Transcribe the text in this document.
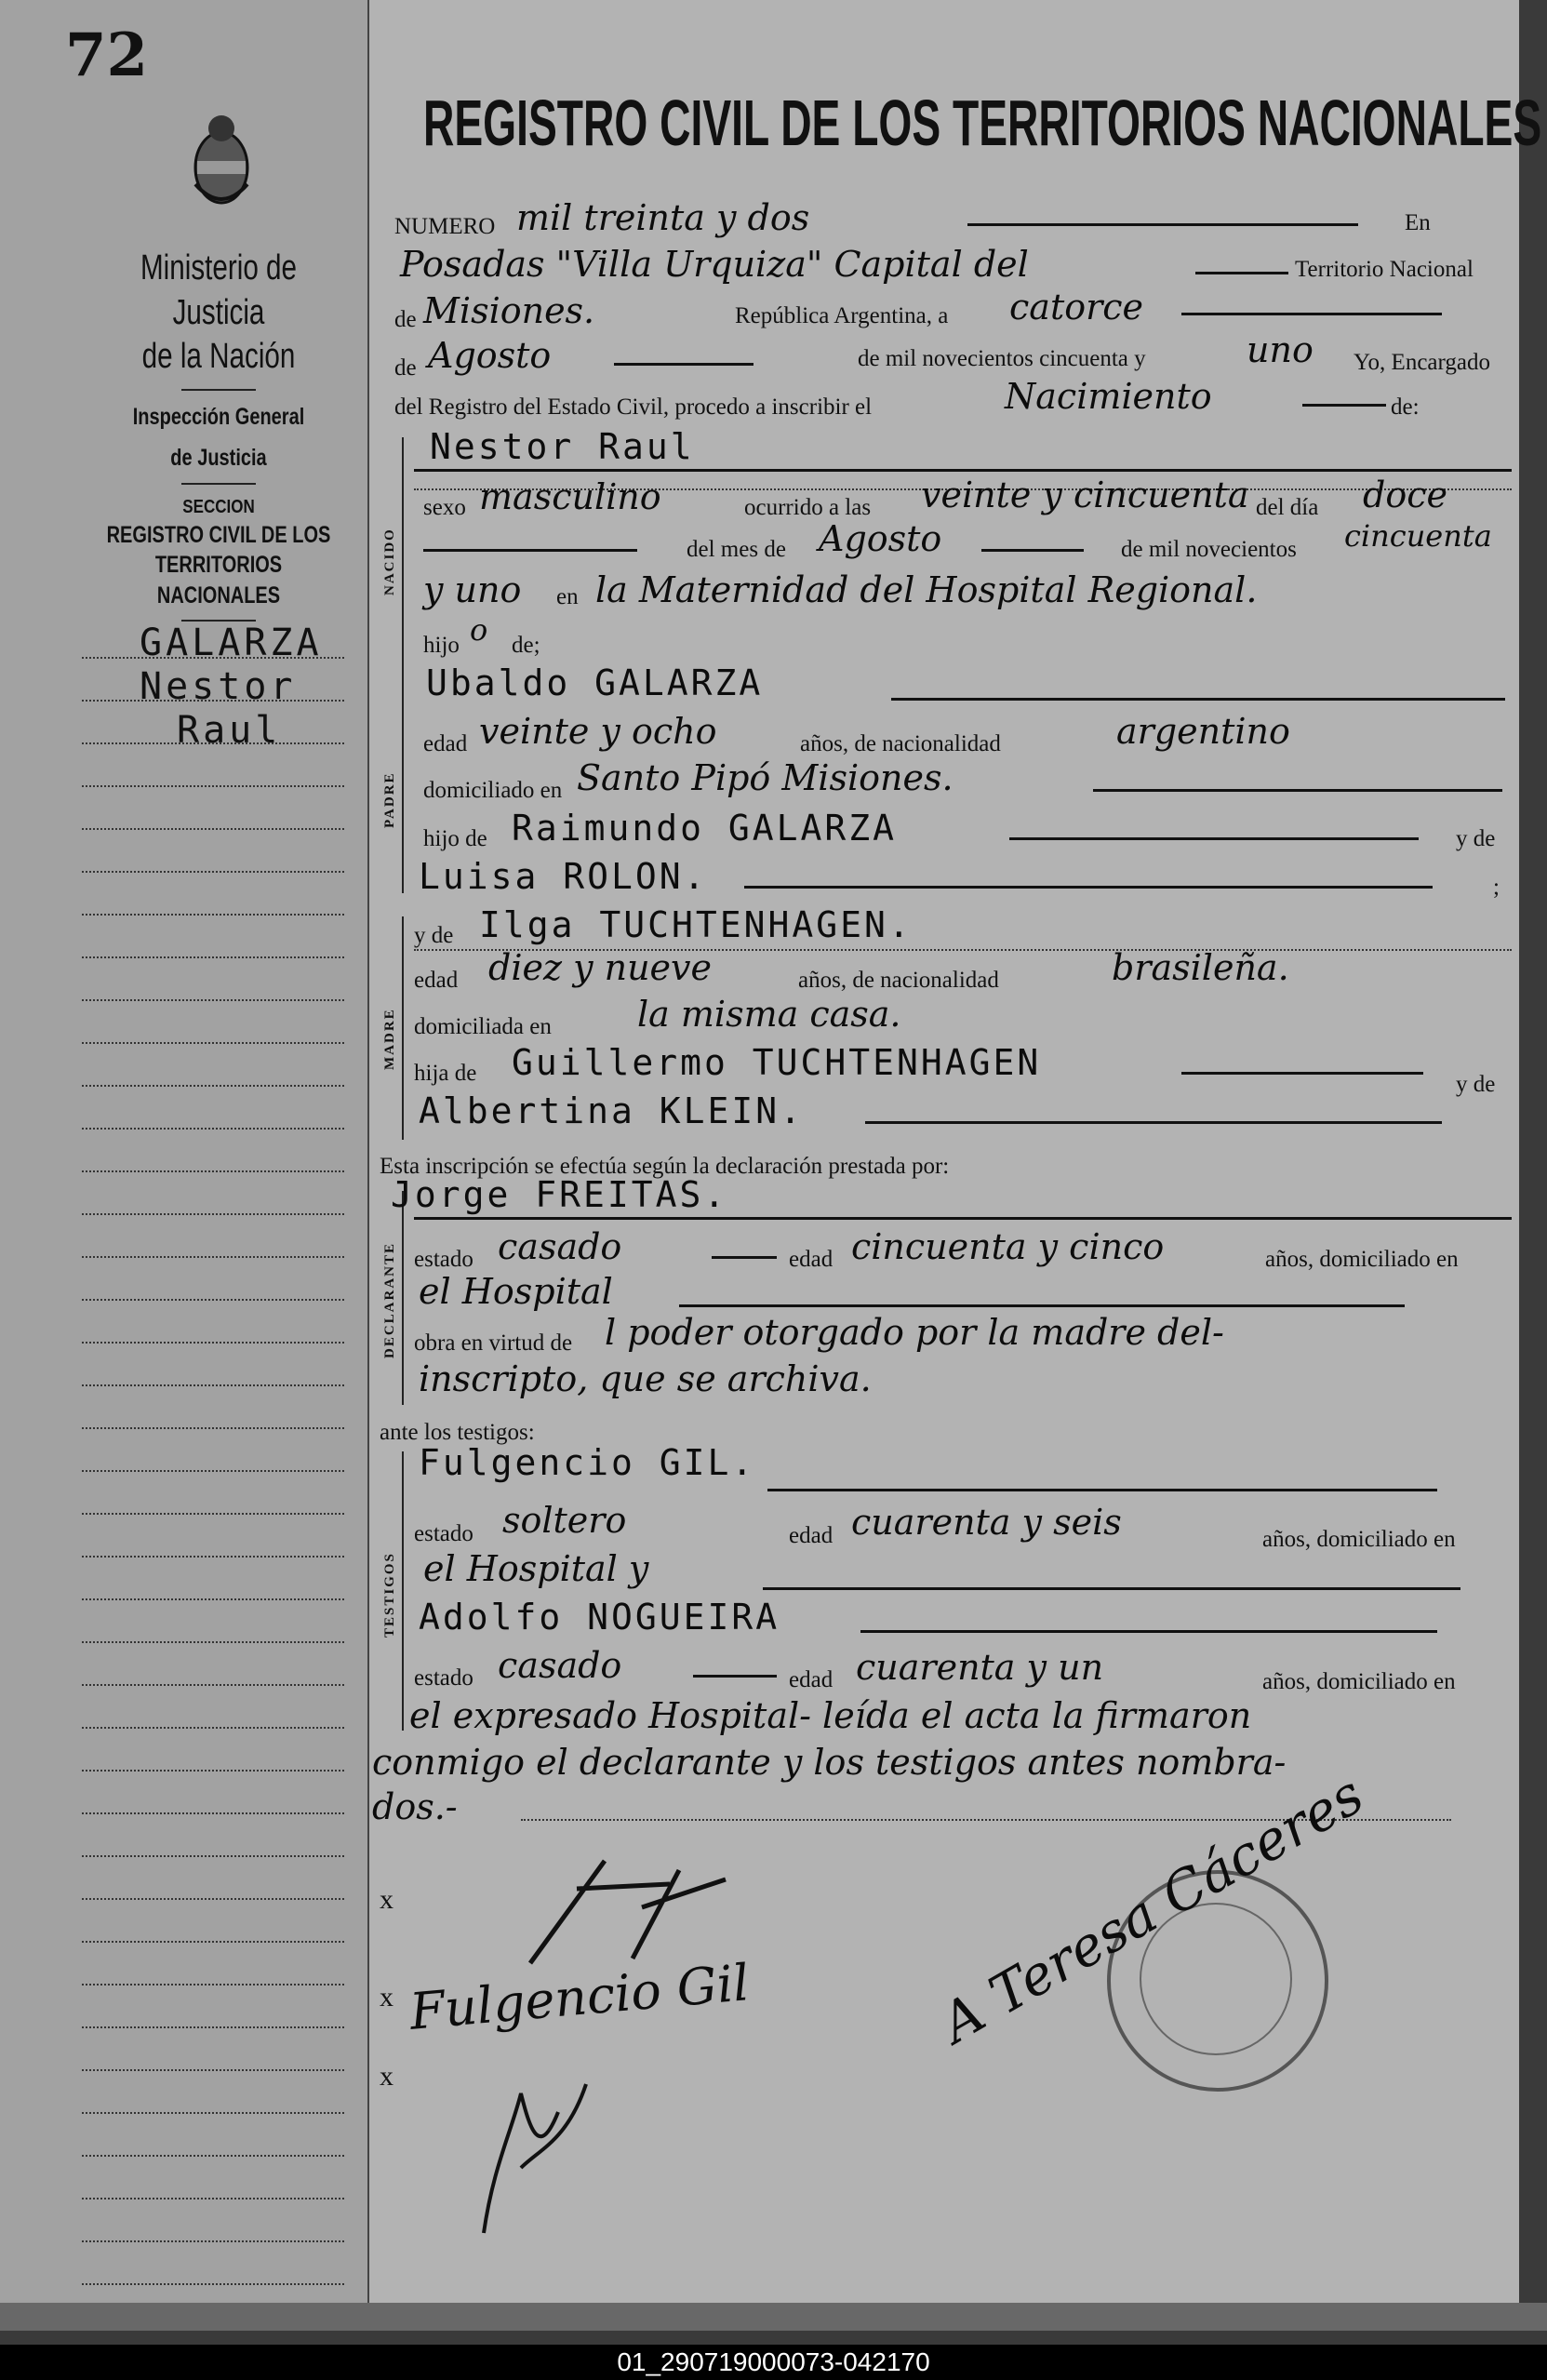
72
Ministerio de Justicia
de la Nación
Inspección General
de Justicia
SECCION
REGISTRO CIVIL DE LOS
TERRITORIOS NACIONALES
GALARZA
Nestor
Raul
REGISTRO CIVIL DE LOS TERRITORIOS NACIONALES
NUMERO mil treinta y dos	En
Posadas "Villa Urquiza" Capital del	Territorio Nacional
de Misiones.	República Argentina, a catorce
de Agosto	de mil novecientos cincuenta y	uno Yo, Encargado
del Registro del Estado Civil, procedo a inscribir el	Nacimiento	de:
NACIDO
Nestor Raul
sexo masculino	ocurrido a las veinte y cincuenta del día doce
del mes de Agosto	de mil novecientos cincuenta
y uno en la Maternidad del Hospital Regional.
hijo o de;
PADRE
Ubaldo GALARZA
edad veinte y ocho	años, de nacionalidad	argentino
domiciliado en Santo Pipó Misiones.
hijo de Raimundo GALARZA	y de
Luisa ROLON.	;
MADRE
y de Ilga TUCHTENHAGEN.
edad diez y nueve	años, de nacionalidad	brasileña.
domiciliada en la misma casa.
hija de Guillermo TUCHTENHAGEN
y de
Albertina KLEIN.
Esta inscripción se efectúa según la declaración prestada por:
DECLARANTE
Jorge FREITAS.
estado casado	edad cincuenta y cinco	años, domiciliado en
el Hospital
obra en virtud de l poder otorgado por la madre del-
inscripto, que se archiva.
ante los testigos:
TESTIGOS
Fulgencio GIL.
estado soltero	edad cuarenta y seis	años, domiciliado en
el Hospital y
Adolfo NOGUEIRA
estado casado	edad cuarenta y un	años, domiciliado en
el expresado Hospital- leída el acta la firmaron
conmigo el declarante y los testigos antes nombra-
dos.-
x
x
x
Fulgencio Gil	A Teresa Cáceres
01_290719000073-042170
